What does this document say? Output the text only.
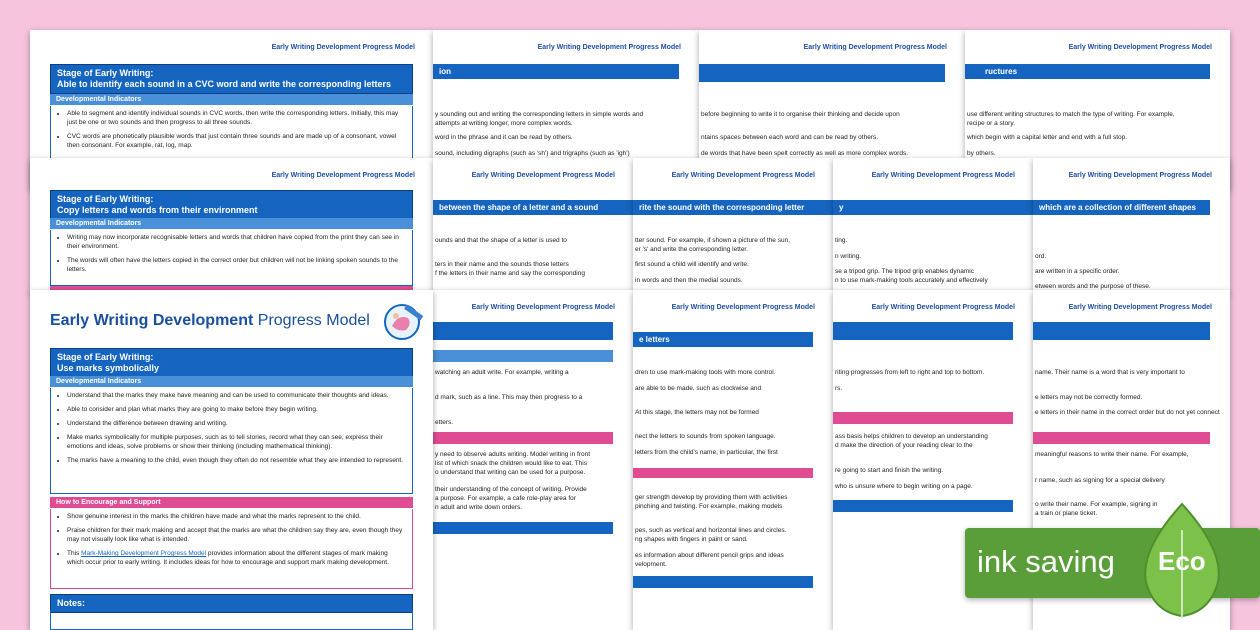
Early Writing Development Progress Model
Stage of Early Writing:
Able to identify each sound in a CVC word and write the corresponding letters
Developmental Indicators
• Able to segment and identify individual sounds in CVC words, then write the corresponding letters. Initially, this may just be one or two sounds and then progress to all three sounds.
• CVC words are phonetically plausible words that just contain three sounds and are made up of a consonant, vowel then consonant. For example, rat, log, map.
Early Writing Development Progress Model
ion
y sounding out and writing the corresponding letters in simple words and
attempts at writing longer, more complex words.
word in the phrase and it can be read by others.
sound, including digraphs (such as 'sh') and trigraphs (such as 'igh')
Early Writing Development Progress Model
before beginning to write it to organise their thinking and decide upon
ntains spaces between each word and can be read by others.
de words that have been spelt correctly as well as more complex words.
Early Writing Development Progress Model
ructures
use different writing structures to match the type of writing. For example,
recipe or a story.
which begin with a capital letter and end with a full stop.
by others.
Early Writing Development Progress Model
Stage of Early Writing:
Copy letters and words from their environment
Developmental Indicators
• Writing may now incorporate recognisable letters and words that children have copied from the print they can see in their environment.
• The words will often have the letters copied in the correct order but children will not be linking spoken sounds to the letters.
Early Writing Development Progress Model
between the shape of a letter and a sound
ounds and that the shape of a letter is used to
ters in their name and the sounds those letters
f the letters in their name and say the corresponding
Early Writing Development Progress Model
rite the sound with the corresponding letter
tter sound. For example, if shown a picture of the sun,
er 's' and write the corresponding letter.
first sound a child will identify and write.
in words and then the medial sounds.
Early Writing Development Progress Model
y
ting.
n writing.
se a tripod grip. The tripod grip enables dynamic
n to use mark-making tools accurately and effectively
Early Writing Development Progress Model
which are a collection of different shapes
ord.
are written in a specific order.
etween words and the purpose of these.
Early Writing Development Progress Model
watching an adult write. For example, writing a
d mark, such as a line. This may then progress to a
etters.
y need to observe adults writing. Model writing in front
list of which snack the children would like to eat. This
o understand that writing can be used for a purpose.
their understanding of the concept of writing. Provide
a purpose. For example, a cafe role-play area for
n adult and write down orders.
Early Writing Development Progress Model
e letters
dren to use mark-making tools with more control.
are able to be made, such as clockwise and
At this stage, the letters may not be formed
nect the letters to sounds from spoken language.
letters from the child's name, in particular, the first
ger strength develop by providing them with activities
pinching and twisting. For example, making models
pes, such as vertical and horizontal lines and circles.
ng shapes with fingers in paint or sand.
es information about different pencil grips and ideas
velopment.
Early Writing Development Progress Model
riting progresses from left to right and top to bottom.
rs.
ass basis helps children to develop an understanding
d make the direction of your reading clear to the
re going to start and finish the writing.
who is unsure where to begin writing on a page.
Early Writing Development Progress Model
name. Their name is a word that is very important to
e letters may not be correctly formed.
e letters in their name in the correct order but do not yet connect
meaningful reasons to write their name. For example,
r name, such as signing for a special delivery
o write their name. For example, signing in
a train or plane ticket.
Early Writing Development Progress Model
Stage of Early Writing:
Use marks symbolically
Developmental Indicators
• Understand that the marks they make have meaning and can be used to communicate their thoughts and ideas.
• Able to consider and plan what marks they are going to make before they begin writing.
• Understand the difference between drawing and writing.
• Make marks symbolically for multiple purposes, such as to tell stories, record what they can see, express their emotions and ideas, solve problems or show their thinking (including mathematical thinking).
• The marks have a meaning to the child, even though they often do not resemble what they are intended to represent.
How to Encourage and Support
• Show genuine interest in the marks the children have made and what the marks represent to the child.
• Praise children for their mark making and accept that the marks are what the children say they are, even though they may not visually look like what is intended.
• This Mark-Making Development Progress Model provides information about the different stages of mark making which occur prior to early writing. It includes ideas for how to encourage and support mark making development.
Notes:
ink saving Eco
